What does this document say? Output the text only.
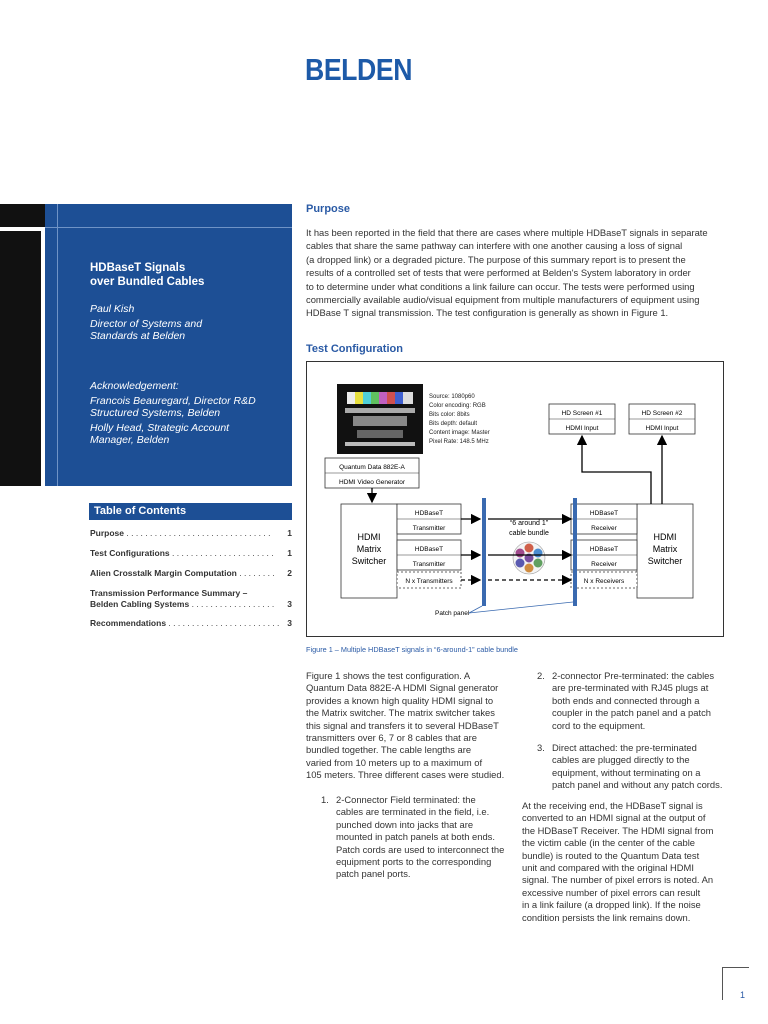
BELDEN
HDBaseT Signals
over Bundled Cables
Paul Kish
Director of Systems and
Standards at Belden
Acknowledgement:
Francois Beauregard, Director R&D
Structured Systems, Belden
Holly Head, Strategic Account
Manager, Belden
Table of Contents
Purpose . . . . . . . . . . . . . . . . . . . . . . . . . . . . . . . 1
Test Configurations . . . . . . . . . . . . . . . . . . . . . . 1
Alien Crosstalk Margin Computation . . . . . . . . 2
Transmission Performance Summary –
Belden Cabling Systems . . . . . . . . . . . . . . . . . . 3
Recommendations . . . . . . . . . . . . . . . . . . . . . . . . 3
Purpose
It has been reported in the field that there are cases where multiple HDBaseT signals in separate
cables that share the same pathway can interfere with one another causing a loss of signal
(a dropped link) or a degraded picture. The purpose of this summary report is to present the
results of a controlled set of tests that were performed at Belden's System laboratory in order
to to determine under what conditions a link failure can occur. The tests were performed using
commercially available audio/visual equipment from multiple manufacturers of equipment using
HDBase T signal transmission. The test configuration is generally as shown in Figure 1.
Test Configuration
Source: 1080p60
Color encoding: RGB
Bits color: 8bits
Bits depth: default
Content image: Master
Pixel Rate: 148.5 MHz
HD Screen #1
HDMI Input
HD Screen #2
HDMI Input
Quantum Data 882E-A
HDMI Video Generator
HDMI
Matrix
Switcher
HDMI
Matrix
Switcher
HDBaseT
Transmitter
HDBaseT
Transmitter
N x Transmitters
HDBaseT
Receiver
HDBaseT
Receiver
N x Receivers
“6 around 1”
cable bundle
Patch panel
Figure 1 – Multiple HDBaseT signals in “6-around-1” cable bundle
Figure 1 shows the test configuration. A
Quantum Data 882E-A HDMI Signal generator
provides a known high quality HDMI signal to
the Matrix switcher. The matrix switcher takes
this signal and transfers it to several HDBaseT
transmitters over 6, 7 or 8 cables that are
bundled together. The cable lengths are
varied from 10 meters up to a maximum of
105 meters. Three different cases were studied.
1. 2-Connector Field terminated: the
cables are terminated in the field, i.e.
punched down into jacks that are
mounted in patch panels at both ends.
Patch cords are used to interconnect the
equipment ports to the corresponding
patch panel ports.
2. 2-connector Pre-terminated: the cables
are pre-terminated with RJ45 plugs at
both ends and connected through a
coupler in the patch panel and a patch
cord to the equipment.
3. Direct attached: the pre-terminated
cables are plugged directly to the
equipment, without terminating on a
patch panel and without any patch cords.
At the receiving end, the HDBaseT signal is
converted to an HDMI signal at the output of
the HDBaseT Receiver. The HDMI signal from
the victim cable (in the center of the cable
bundle) is routed to the Quantum Data test
unit and compared with the original HDMI
signal. The number of pixel errors is noted. An
excessive number of pixel errors can result
in a link failure (a dropped link). If the noise
condition persists the link remains down.
1
